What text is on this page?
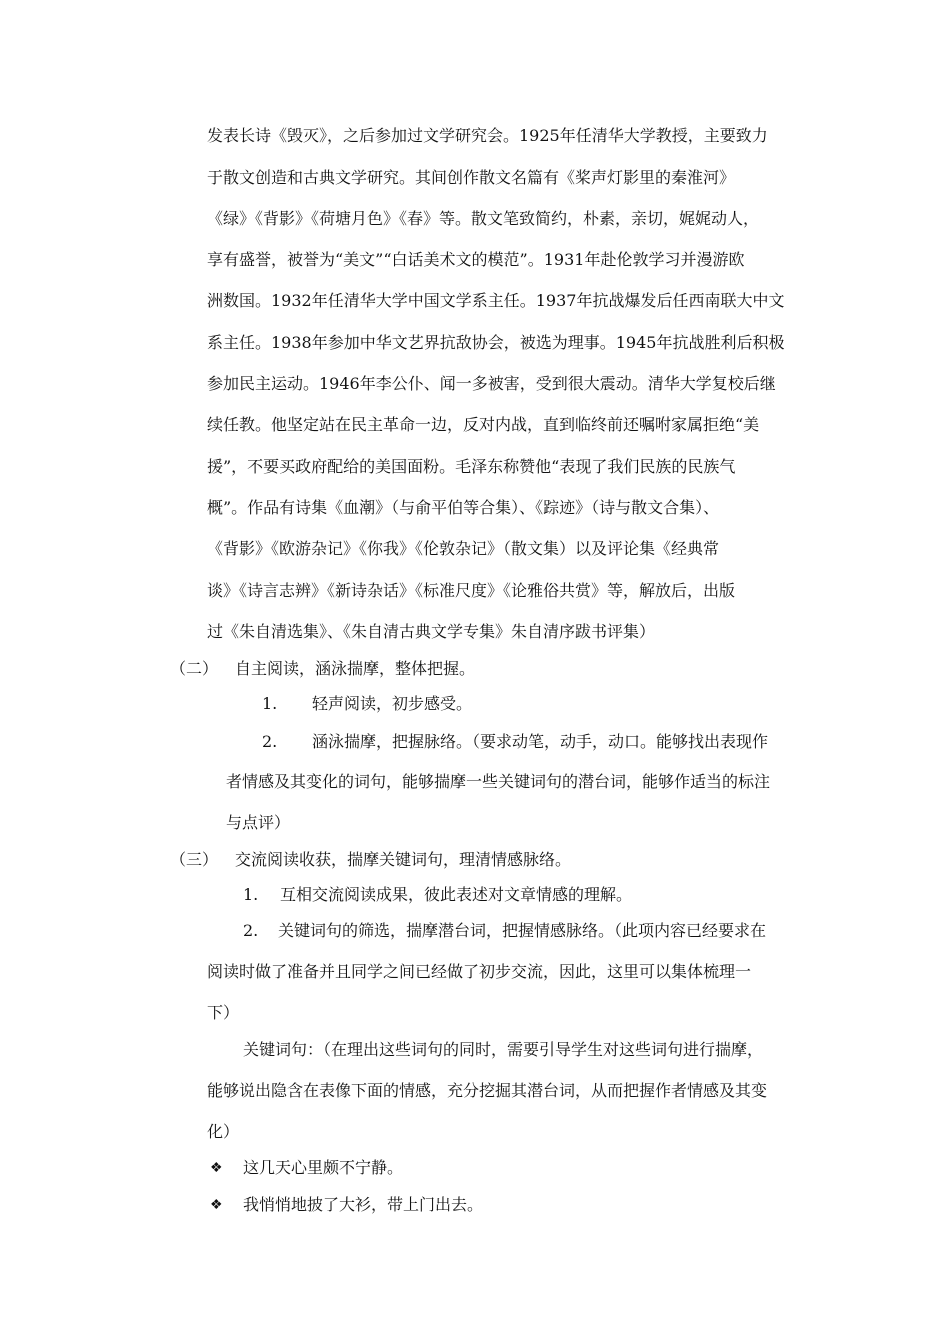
发表长诗《毁灭》，之后参加过文学研究会。1925年任清华大学教授，主要致力
于散文创造和古典文学研究。其间创作散文名篇有《桨声灯影里的秦淮河》
《绿》《背影》《荷塘月色》《春》等。散文笔致简约，朴素，亲切，娓娓动人，
享有盛誉，被誉为“美文”“白话美术文的模范”。1931年赴伦敦学习并漫游欧
洲数国。1932年任清华大学中国文学系主任。1937年抗战爆发后任西南联大中文
系主任。1938年参加中华文艺界抗敌协会，被选为理事。1945年抗战胜利后积极
参加民主运动。1946年李公仆、闻一多被害，受到很大震动。清华大学复校后继
续任教。他坚定站在民主革命一边，反对内战，直到临终前还嘱咐家属拒绝“美
援”，不要买政府配给的美国面粉。毛泽东称赞他“表现了我们民族的民族气
概”。作品有诗集《血潮》（与俞平伯等合集）、《踪迹》（诗与散文合集）、
《背影》《欧游杂记》《你我》《伦敦杂记》（散文集）以及评论集《经典常
谈》《诗言志辨》《新诗杂话》《标准尺度》《论雅俗共赏》等，解放后，出版
过《朱自清选集》、《朱自清古典文学专集》朱自清序跋书评集）
（二） 自主阅读，涵泳揣摩，整体把握。
1. 轻声阅读，初步感受。
2. 涵泳揣摩，把握脉络。（要求动笔，动手，动口。能够找出表现作
者情感及其变化的词句，能够揣摩一些关键词句的潜台词，能够作适当的标注
与点评）
（三） 交流阅读收获，揣摩关键词句，理清情感脉络。
1. 互相交流阅读成果，彼此表述对文章情感的理解。
2. 关键词句的筛选，揣摩潜台词，把握情感脉络。（此项内容已经要求在
阅读时做了准备并且同学之间已经做了初步交流，因此，这里可以集体梳理一
下）
关键词句：（在理出这些词句的同时，需要引导学生对这些词句进行揣摩，
能够说出隐含在表像下面的情感，充分挖掘其潜台词，从而把握作者情感及其变
化）
❖ 这几天心里颇不宁静。
❖ 我悄悄地披了大衫，带上门出去。
